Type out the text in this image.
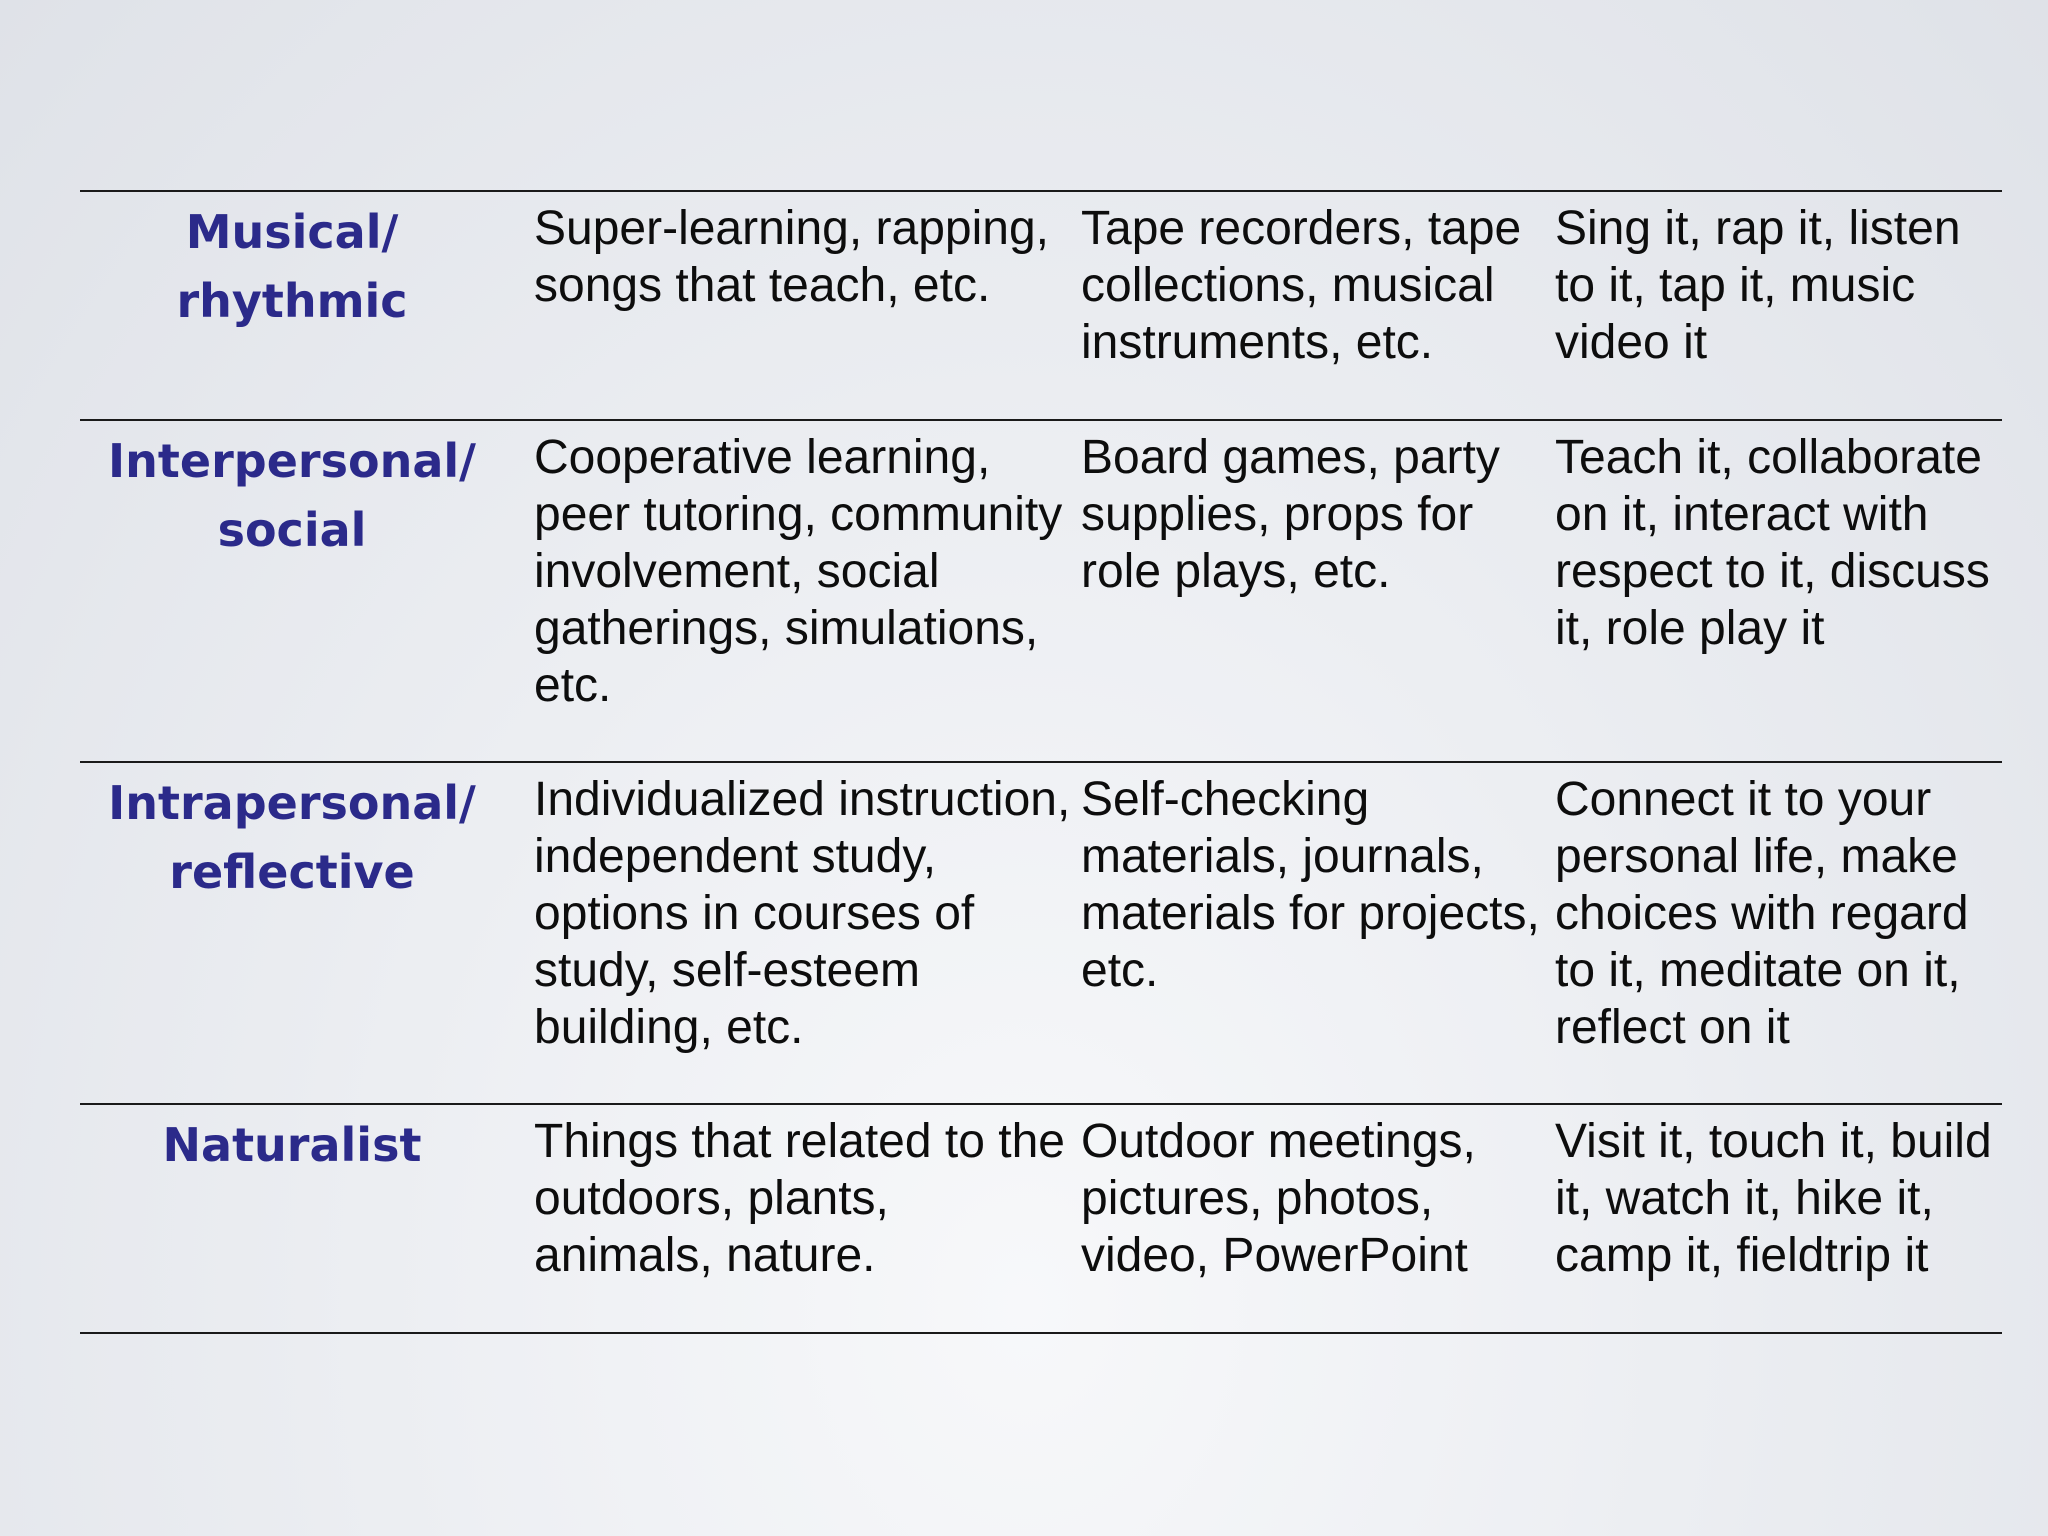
Musical/ rhythmic	Super-learning, rapping, songs that teach, etc.	Tape recorders, tape collections, musical instruments, etc.	Sing it, rap it, listen to it, tap it, music video it
Interpersonal/ social	Cooperative learning, peer tutoring, community involvement, social gatherings, simulations, etc.	Board games, party supplies, props for role plays, etc.	Teach it, collaborate on it, interact with respect to it, discuss it, role play it
Intrapersonal/ reflective	Individualized instruction, independent study, options in courses of study, self-esteem building, etc.	Self-checking materials, journals, materials for projects, etc.	Connect it to your personal life, make choices with regard to it, meditate on it, reflect on it
Naturalist	Things that related to the outdoors, plants, animals, nature.	Outdoor meetings, pictures, photos, video, PowerPoint	Visit it, touch it, build it, watch it, hike it, camp it, fieldtrip it
